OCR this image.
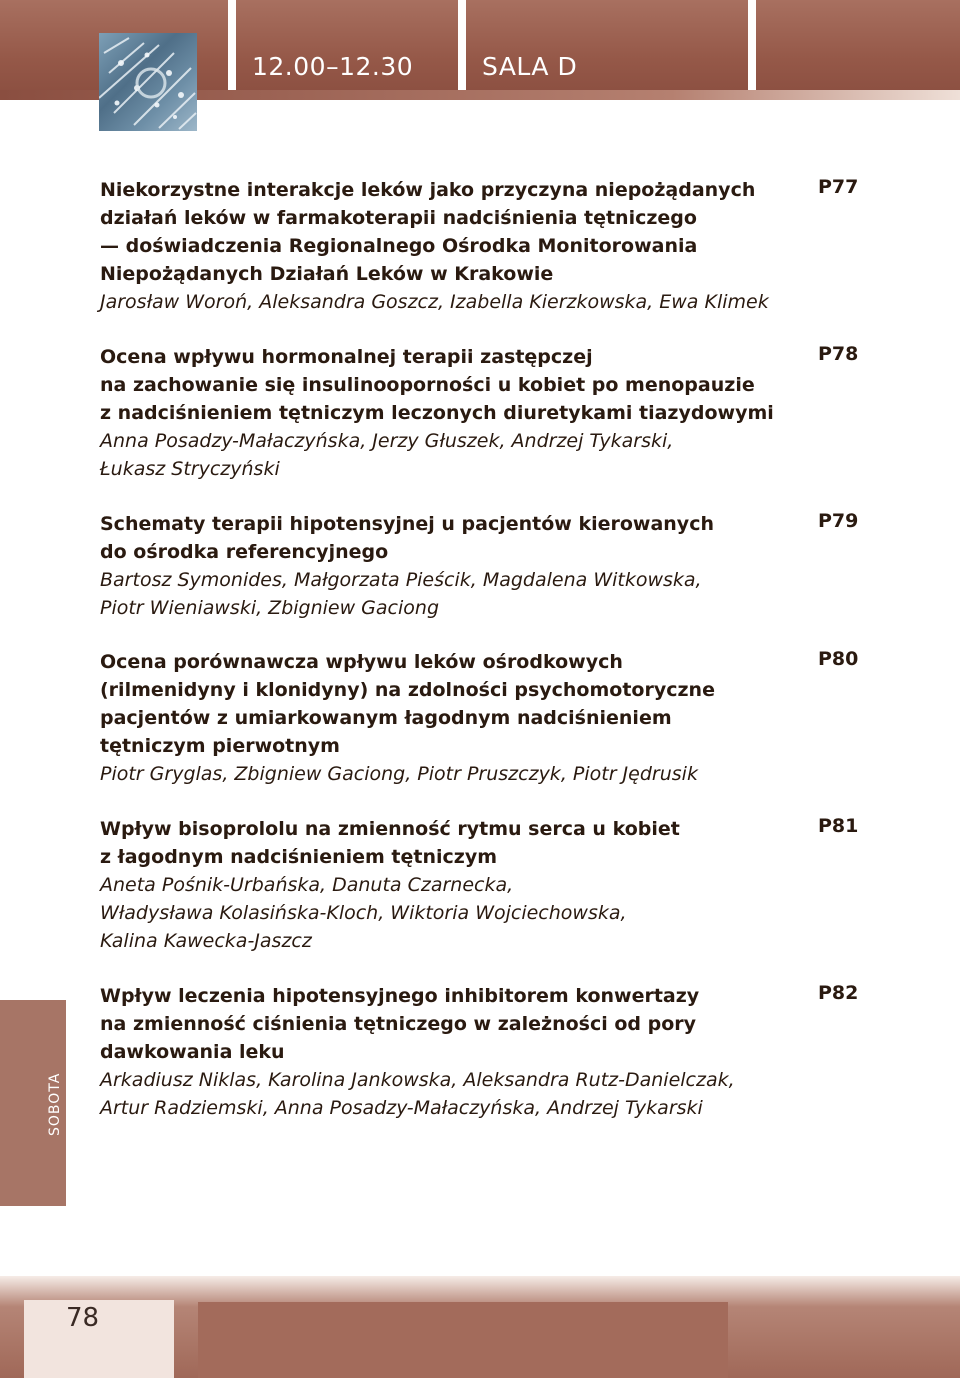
12.00–12.30	SALA D
P77

Niekorzystne interakcje leków jako przyczyna niepożądanych
działań leków w farmakoterapii nadciśnienia tętniczego
— doświadczenia Regionalnego Ośrodka Monitorowania
Niepożądanych Działań Leków w Krakowie

Jarosław Woroń, Aleksandra Goszcz, Izabella Kierzkowska, Ewa Klimek

P78

Ocena wpływu hormonalnej terapii zastępczej
na zachowanie się insulinooporności u kobiet po menopauzie
z nadciśnieniem tętniczym leczonych diuretykami tiazydowymi

Anna Posadzy-Małaczyńska, Jerzy Głuszek, Andrzej Tykarski,
Łukasz Stryczyński

P79

Schematy terapii hipotensyjnej u pacjentów kierowanych
do ośrodka referencyjnego

Bartosz Symonides, Małgorzata Pieścik, Magdalena Witkowska,
Piotr Wieniawski, Zbigniew Gaciong

P80

Ocena porównawcza wpływu leków ośrodkowych
(rilmenidyny i klonidyny) na zdolności psychomotoryczne
pacjentów z umiarkowanym łagodnym nadciśnieniem
tętniczym pierwotnym

Piotr Gryglas, Zbigniew Gaciong, Piotr Pruszczyk, Piotr Jędrusik

P81

Wpływ bisoprololu na zmienność rytmu serca u kobiet
z łagodnym nadciśnieniem tętniczym

Aneta Pośnik-Urbańska, Danuta Czarnecka,
Władysława Kolasińska-Kloch, Wiktoria Wojciechowska,
Kalina Kawecka-Jaszcz

P82

Wpływ leczenia hipotensyjnego inhibitorem konwertazy
na zmienność ciśnienia tętniczego w zależności od pory
dawkowania leku

Arkadiusz Niklas, Karolina Jankowska, Aleksandra Rutz-Danielczak,
Artur Radziemski, Anna Posadzy-Małaczyńska, Andrzej Tykarski

SOBOTA
78
